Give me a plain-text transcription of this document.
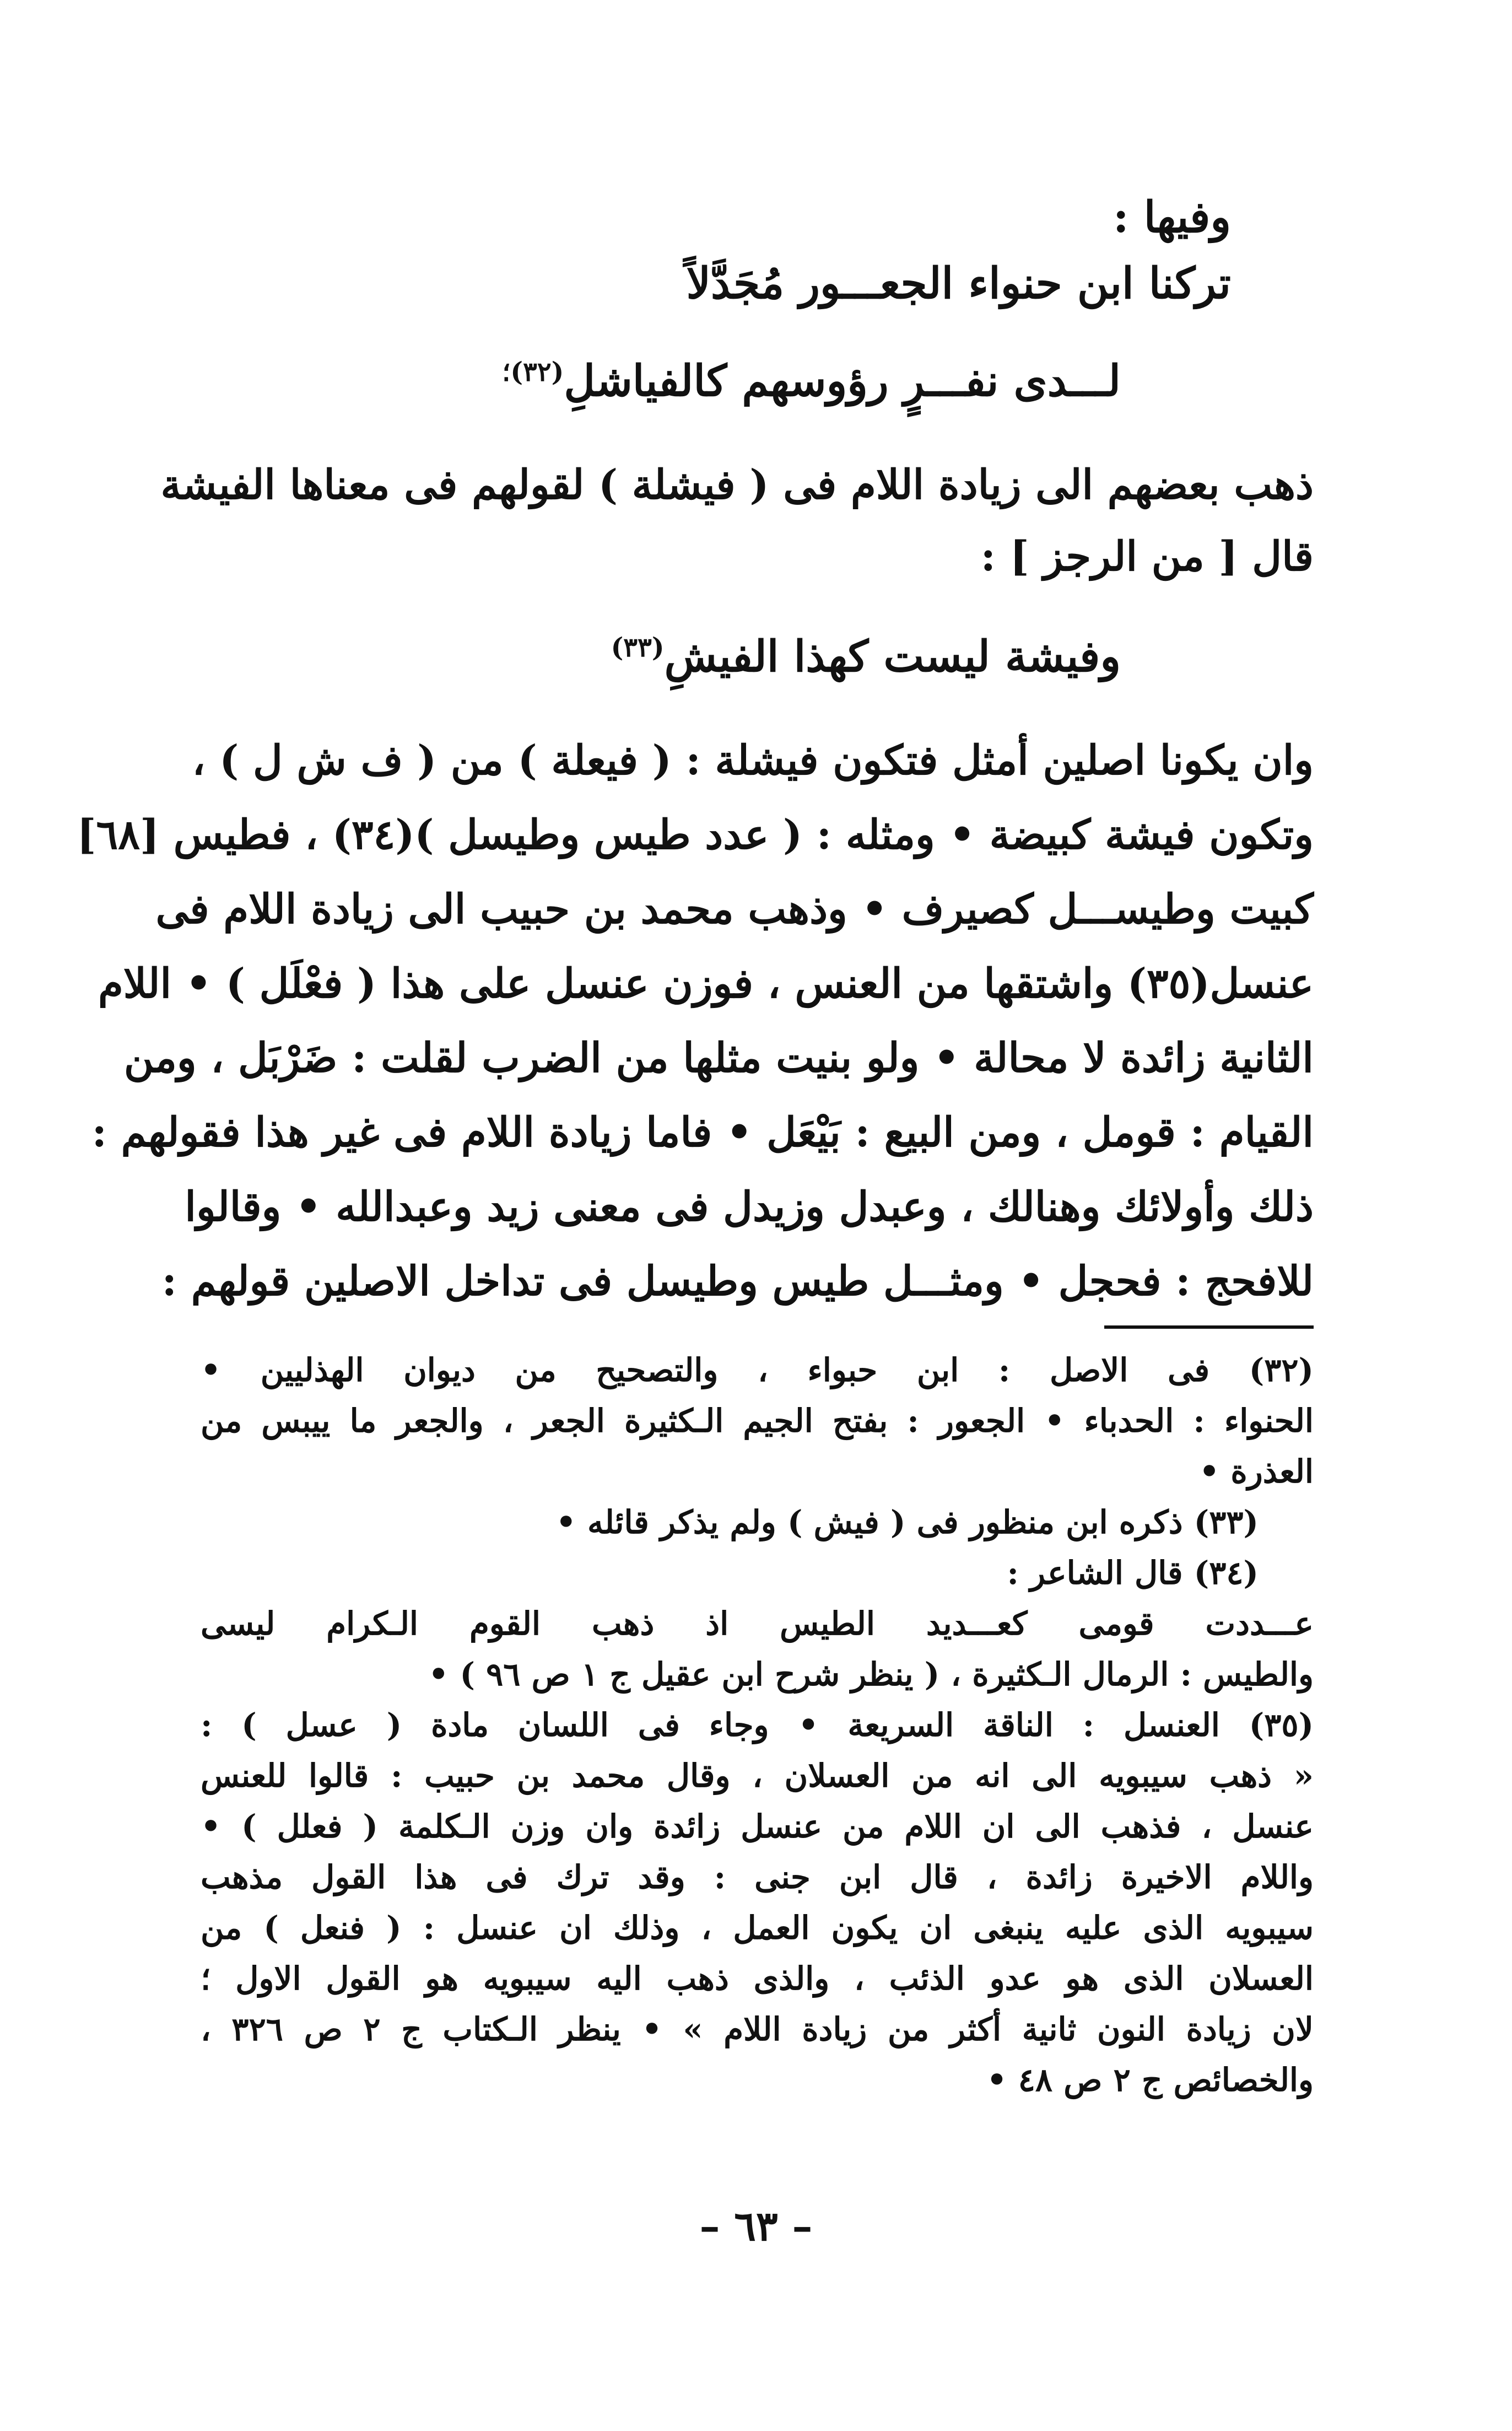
وفيها :
تركنا ابن حنواء الجعـــور مُجَدَّلاً
لـــدى نفـــرٍ رؤوسهم كالفياشلِ$^{(٣٢)؛}$
ذهب بعضهم الى زيادة اللام فى ( فيشلة ) لقولهم فى معناها الفيشة
قال [ من الرجز ] :
وفيشة ليست كهذا الفيشِ$^{(٣٣)}$
وان يكونا اصلين أمثل فتكون فيشلة : ( فيعلة ) من ( ف ش ل ) ،
وتكون فيشة كبيضة • ومثله : ( عدد طيس وطيسل )(٣٤) ، فطيس [٦٨]
كبيت وطيســـل كصيرف • وذهب محمد بن حبيب الى زيادة اللام فى
عنسل(٣٥) واشتقها من العنس ، فوزن عنسل على هذا ( فعْلَل ) • اللام
الثانية زائدة لا محالة • ولو بنيت مثلها من الضرب لقلت : ضَرْبَل ، ومن
القيام : قومل ، ومن البيع : بَيْعَل • فاما زيادة اللام فى غير هذا فقولهم :
ذلك وأولائك وهنالك ، وعبدل وزيدل فى معنى زيد وعبدالله • وقالوا
للافحج : فحجل • ومثـــل طيس وطيسل فى تداخل الاصلين قولهم :
(٣٢) فى الاصل : ابن حبواء ، والتصحيح من ديوان الهذليين •
الحنواء : الحدباء • الجعور : بفتح الجيم الـكثيرة الجعر ، والجعر ما ييبس من
العذرة •
(٣٣) ذكره ابن منظور فى ( فيش ) ولم يذكر قائله •
(٣٤) قال الشاعر :
عـــددت قومى كعـــديد الطيس اذ ذهب القوم الـكرام ليسى
والطيس : الرمال الـكثيرة ، ( ينظر شرح ابن عقيل ج ١ ص ٩٦ ) •
(٣٥) العنسل : الناقة السريعة • وجاء فى اللسان مادة ( عسل ) :
« ذهب سيبويه الى انه من العسلان ، وقال محمد بن حبيب : قالوا للعنس
عنسل ، فذهب الى ان اللام من عنسل زائدة وان وزن الـكلمة ( فعلل ) •
واللام الاخيرة زائدة ، قال ابن جنى : وقد ترك فى هذا القول مذهب
سيبويه الذى عليه ينبغى ان يكون العمل ، وذلك ان عنسل : ( فنعل ) من
العسلان الذى هو عدو الذئب ، والذى ذهب اليه سيبويه هو القول الاول ؛
لان زيادة النون ثانية أكثر من زيادة اللام » • ينظر الـكتاب ج ٢ ص ٣٢٦ ،
والخصائص ج ٢ ص ٤٨ •
– ٦٣ –
